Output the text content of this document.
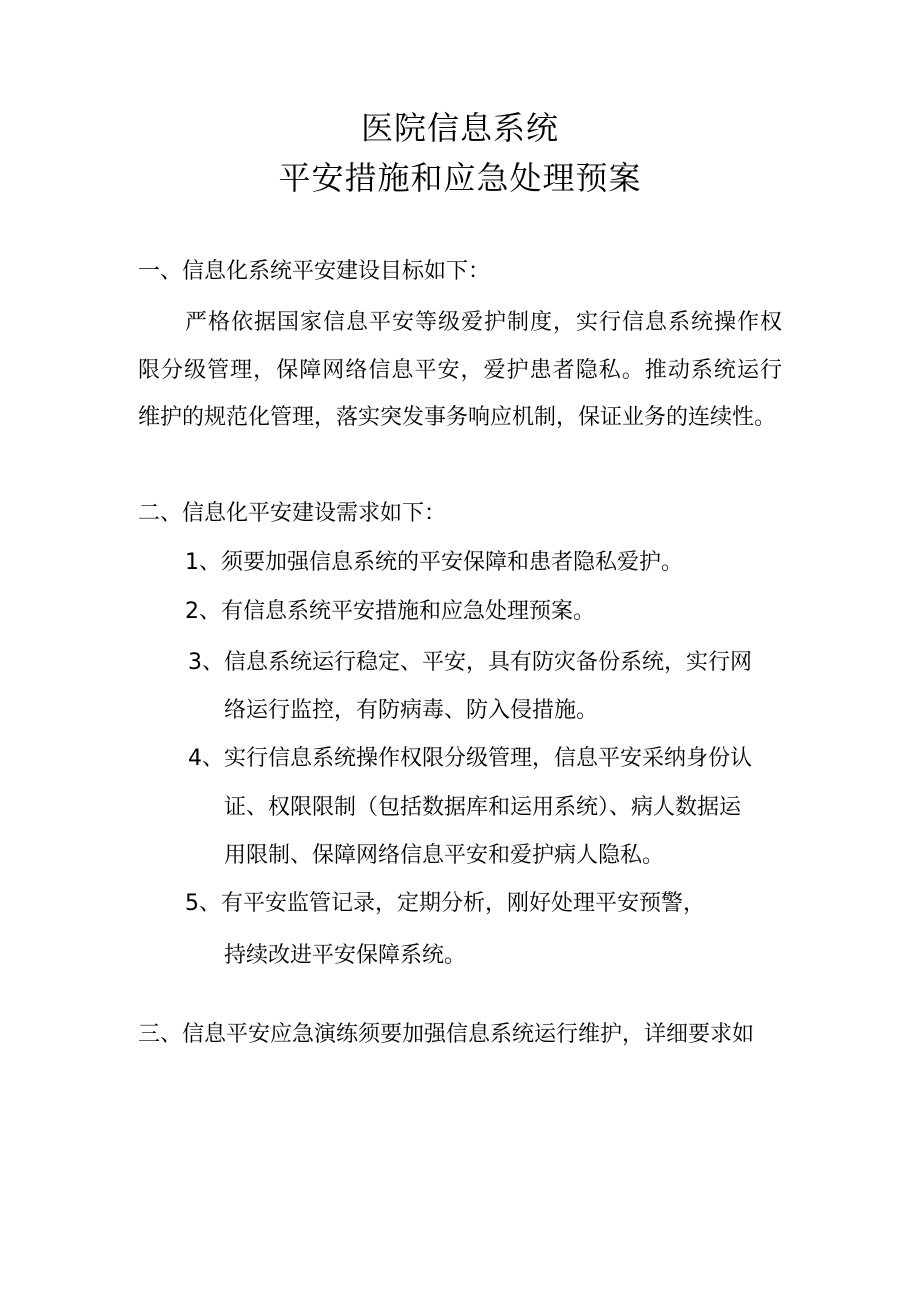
医院信息系统
平安措施和应急处理预案
一、信息化系统平安建设目标如下：
严格依据国家信息平安等级爱护制度，实行信息系统操作权
限分级管理，保障网络信息平安，爱护患者隐私。推动系统运行
维护的规范化管理，落实突发事务响应机制，保证业务的连续性。
二、信息化平安建设需求如下：
1、须要加强信息系统的平安保障和患者隐私爱护。
2、有信息系统平安措施和应急处理预案。
3、信息系统运行稳定、平安，具有防灾备份系统，实行网
络运行监控，有防病毒、防入侵措施。
4、实行信息系统操作权限分级管理，信息平安采纳身份认
证、权限限制（包括数据库和运用系统）、病人数据运
用限制、保障网络信息平安和爱护病人隐私。
5、有平安监管记录，定期分析，刚好处理平安预警，
持续改进平安保障系统。
三、信息平安应急演练须要加强信息系统运行维护，详细要求如
